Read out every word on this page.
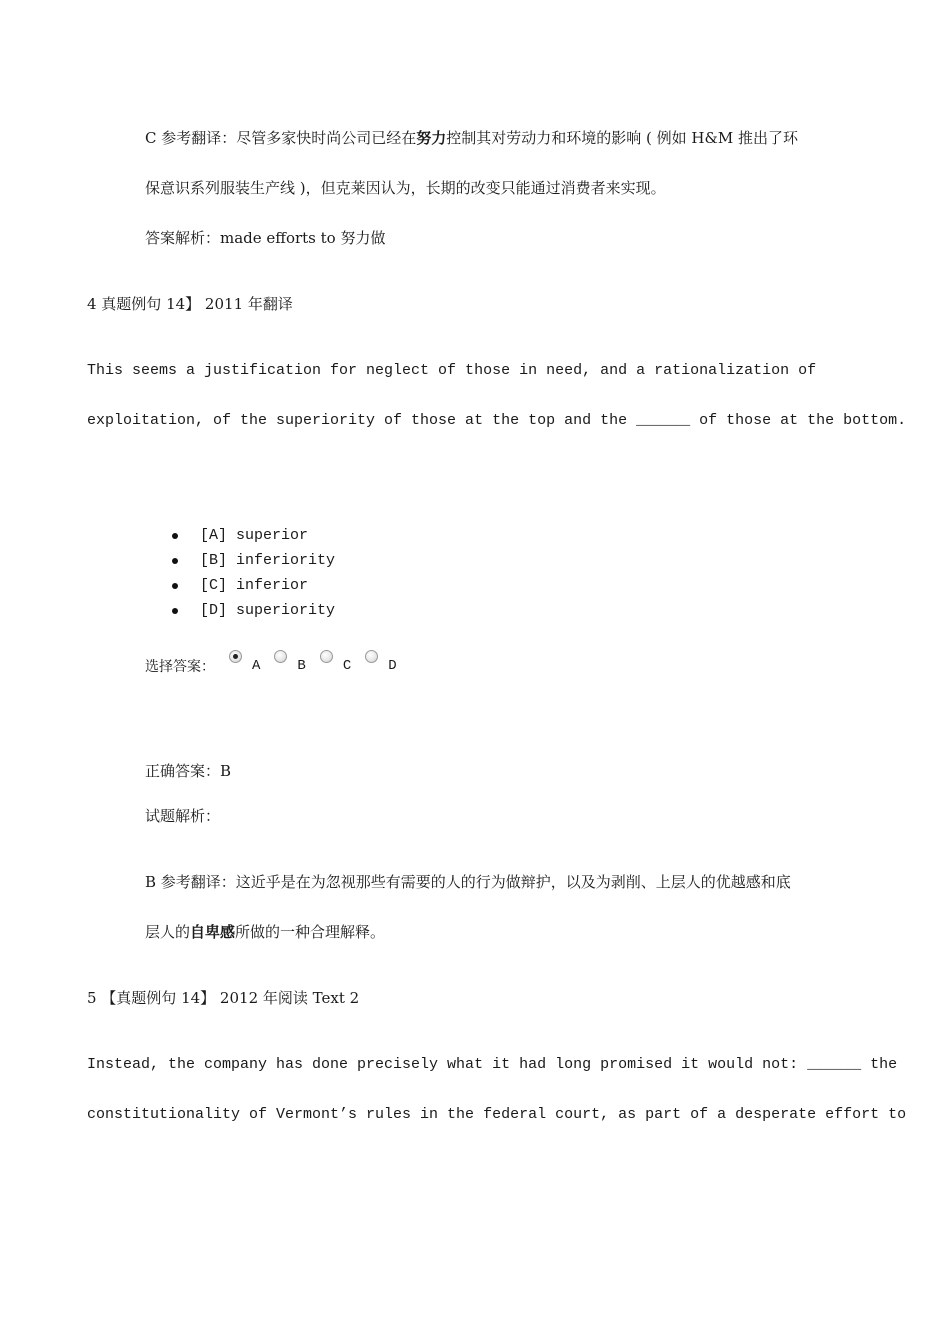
C 参考翻译：尽管多家快时尚公司已经在努力控制其对劳动力和环境的影响 ( 例如 H&M 推出了环
保意识系列服装生产线 )，但克莱因认为，长期的改变只能通过消费者来实现。
答案解析：made efforts to 努力做
4 真题例句 14】 2011 年翻译
This seems a justification for neglect of those in need, and a rationalization of
exploitation, of the superiority of those at the top and the ______ of those at the bottom.
[A] superior
[B] inferiority
[C] inferior
[D] superiority
选择答案：	A	B	C	D
正确答案：B
试题解析：
B 参考翻译：这近乎是在为忽视那些有需要的人的行为做辩护，以及为剥削、上层人的优越感和底
层人的自卑感所做的一种合理解释。
5 【真题例句 14】 2012 年阅读 Text 2
Instead, the company has done precisely what it had long promised it would not: ______ the
constitutionality of Vermont’s rules in the federal court, as part of a desperate effort to
